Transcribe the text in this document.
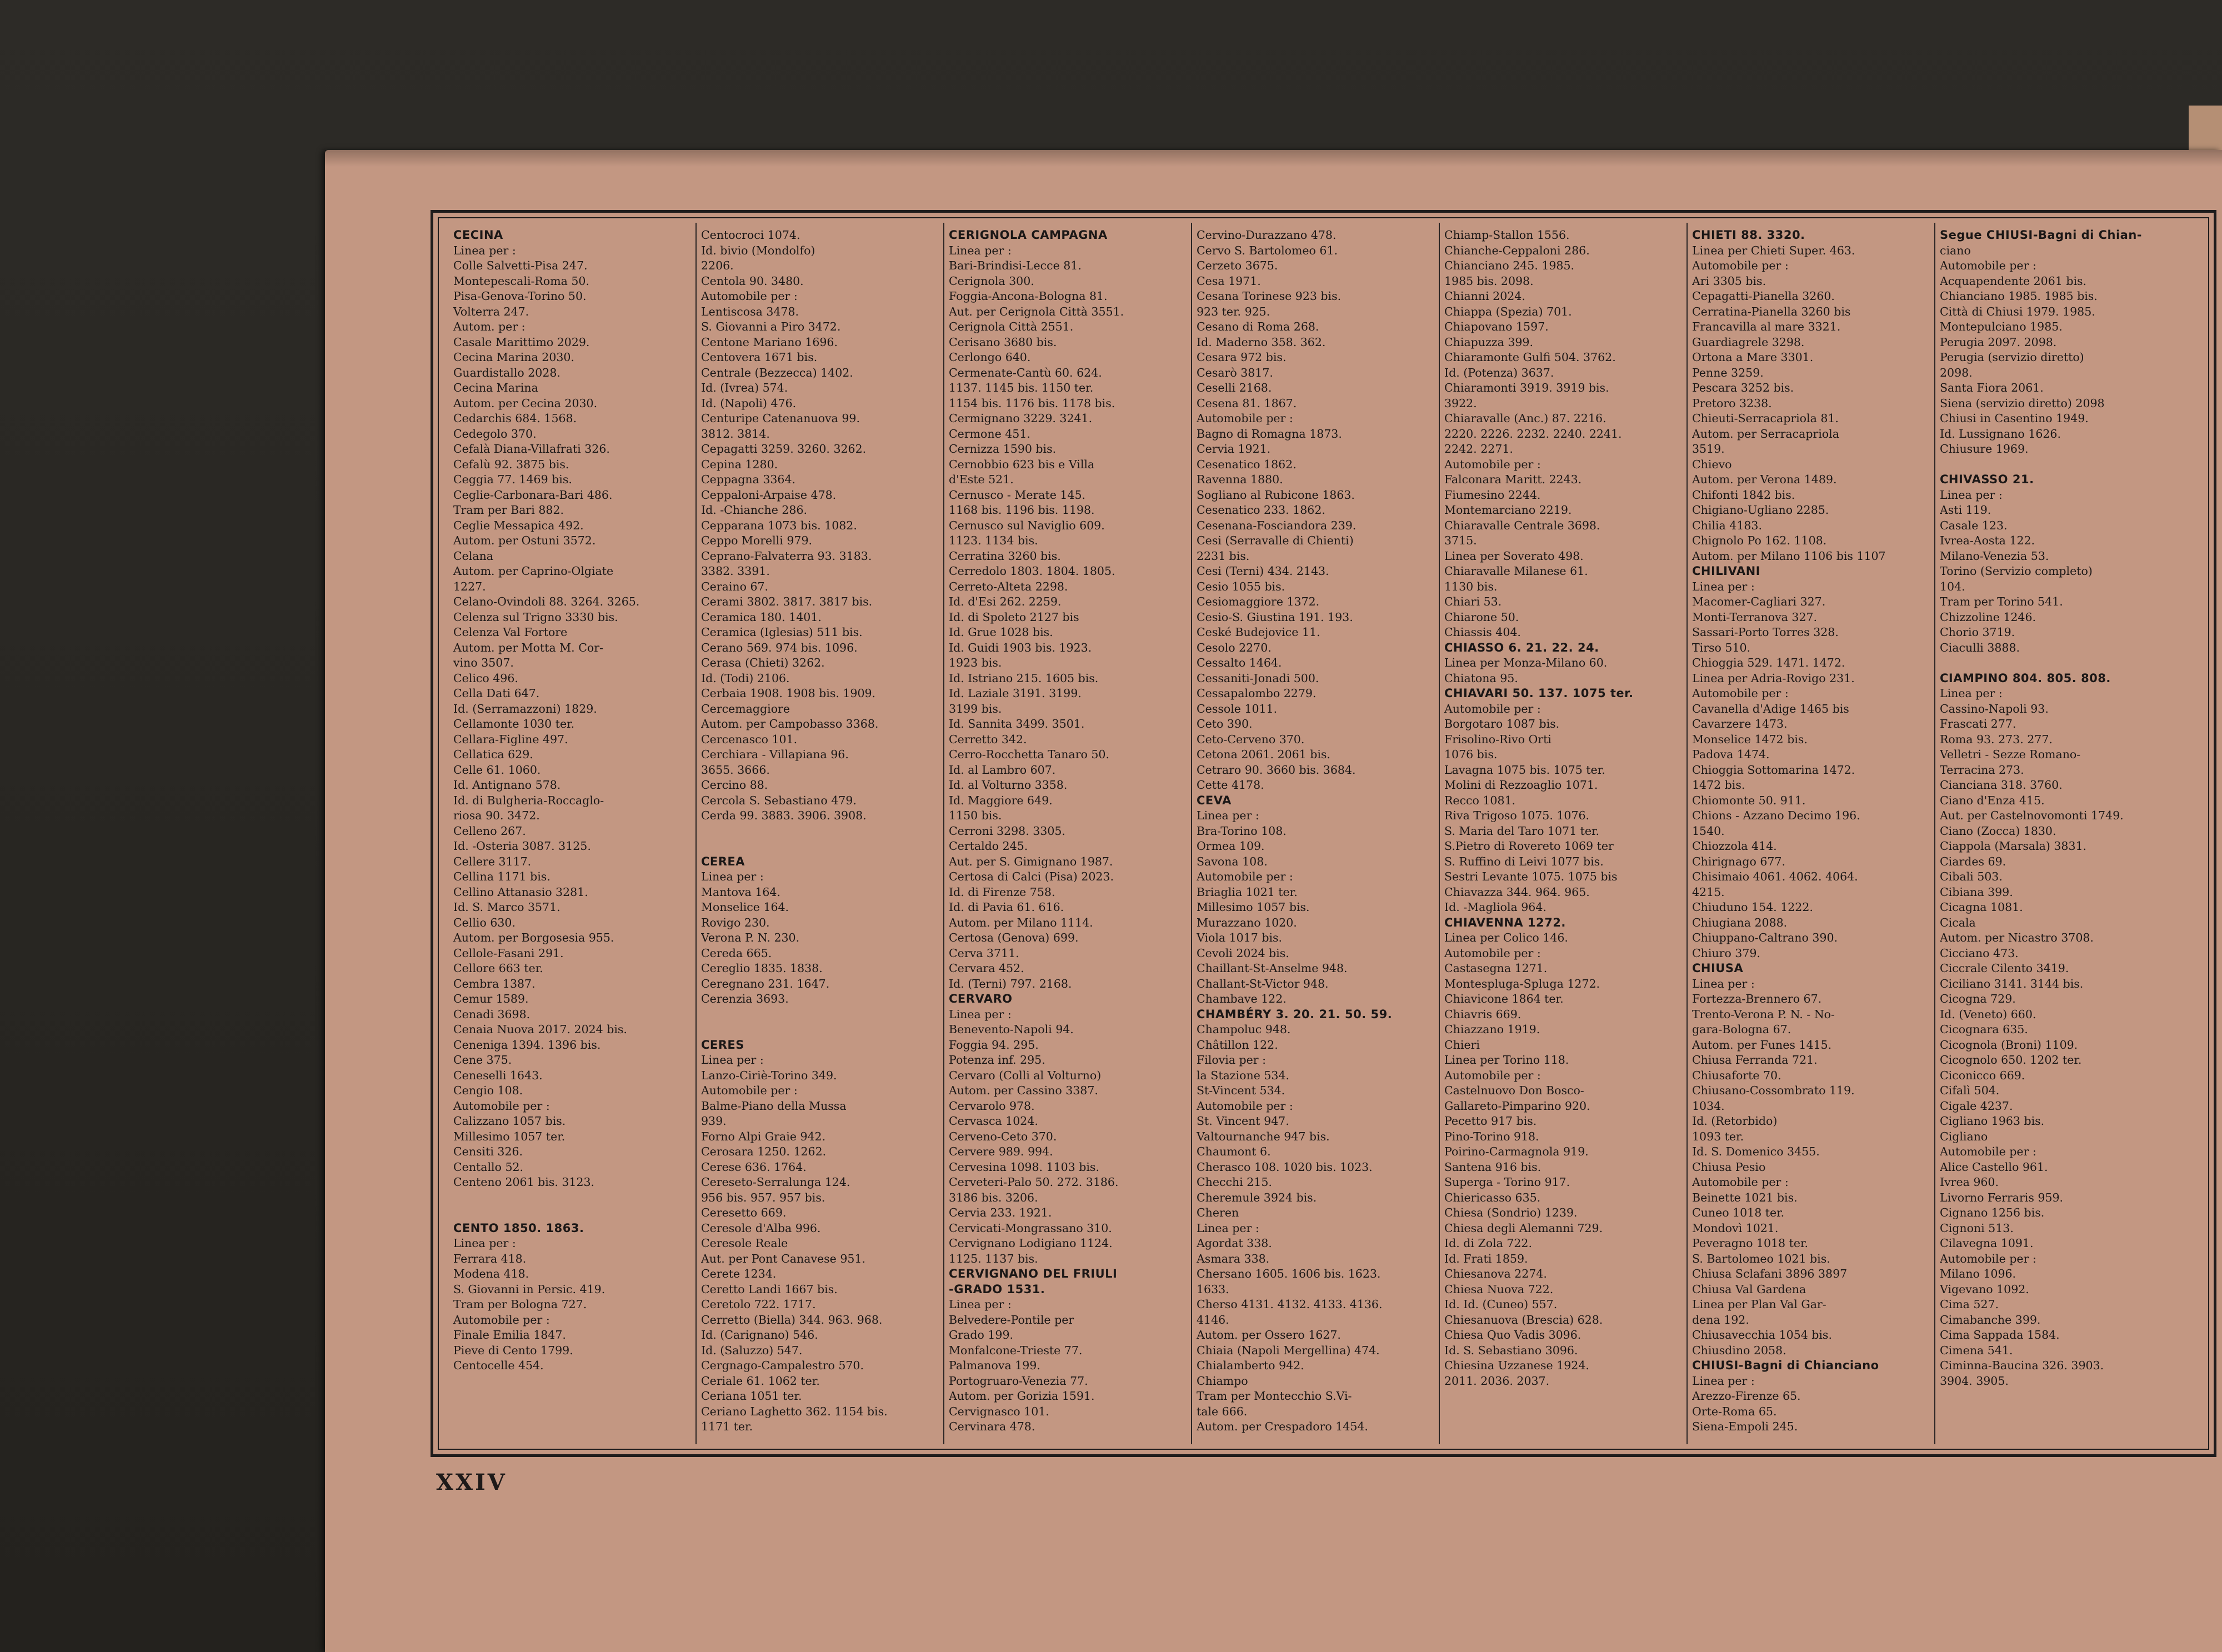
CECINA
Linea per :
Colle Salvetti-Pisa 247.
Montepescali-Roma 50.
Pisa-Genova-Torino 50.
Volterra 247.
Autom. per :
Casale Marittimo 2029.
Cecina Marina 2030.
Guardistallo 2028.
Cecina Marina
Autom. per Cecina 2030.
Cedarchis 684. 1568.
Cedegolo 370.
Cefalà Diana-Villafrati 326.
Cefalù 92. 3875 bis.
Ceggia 77. 1469 bis.
Ceglie-Carbonara-Bari 486.
Tram per Bari 882.
Ceglie Messapica 492.
Autom. per Ostuni 3572.
Celana
Autom. per Caprino-Olgiate
1227.
Celano-Ovindoli 88. 3264. 3265.
Celenza sul Trigno 3330 bis.
Celenza Val Fortore
Autom. per Motta M. Cor-
vino 3507.
Celico 496.
Cella Dati 647.
Id. (Serramazzoni) 1829.
Cellamonte 1030 ter.
Cellara-Figline 497.
Cellatica 629.
Celle 61. 1060.
Id. Antignano 578.
Id. di Bulgheria-Roccaglo-
riosa 90. 3472.
Celleno 267.
Id. -Osteria 3087. 3125.
Cellere 3117.
Cellina 1171 bis.
Cellino Attanasio 3281.
Id. S. Marco 3571.
Cellio 630.
Autom. per Borgosesia 955.
Cellole-Fasani 291.
Cellore 663 ter.
Cembra 1387.
Cemur 1589.
Cenadi 3698.
Cenaia Nuova 2017. 2024 bis.
Ceneniga 1394. 1396 bis.
Cene 375.
Ceneselli 1643.
Cengio 108.
Automobile per :
Calizzano 1057 bis.
Millesimo 1057 ter.
Censiti 326.
Centallo 52.
Centeno 2061 bis. 3123.
CENTO 1850. 1863.
Linea per :
Ferrara 418.
Modena 418.
S. Giovanni in Persic. 419.
Tram per Bologna 727.
Automobile per :
Finale Emilia 1847.
Pieve di Cento 1799.
Centocelle 454.
Centocroci 1074.
Id. bivio (Mondolfo)
2206.
Centola 90. 3480.
Automobile per :
Lentiscosa 3478.
S. Giovanni a Piro 3472.
Centone Mariano 1696.
Centovera 1671 bis.
Centrale (Bezzecca) 1402.
Id. (Ivrea) 574.
Id. (Napoli) 476.
Centuripe Catenanuova 99.
3812. 3814.
Cepagatti 3259. 3260. 3262.
Cepina 1280.
Ceppagna 3364.
Ceppaloni-Arpaise 478.
Id. -Chianche 286.
Cepparana 1073 bis. 1082.
Ceppo Morelli 979.
Ceprano-Falvaterra 93. 3183.
3382. 3391.
Ceraino 67.
Cerami 3802. 3817. 3817 bis.
Ceramica 180. 1401.
Ceramica (Iglesias) 511 bis.
Cerano 569. 974 bis. 1096.
Cerasa (Chieti) 3262.
Id. (Todi) 2106.
Cerbaia 1908. 1908 bis. 1909.
Cercemaggiore
Autom. per Campobasso 3368.
Cercenasco 101.
Cerchiara - Villapiana 96.
3655. 3666.
Cercino 88.
Cercola S. Sebastiano 479.
Cerda 99. 3883. 3906. 3908.
CEREA
Linea per :
Mantova 164.
Monselice 164.
Rovigo 230.
Verona P. N. 230.
Cereda 665.
Cereglio 1835. 1838.
Ceregnano 231. 1647.
Cerenzia 3693.
CERES
Linea per :
Lanzo-Ciriè-Torino 349.
Automobile per :
Balme-Piano della Mussa
939.
Forno Alpi Graie 942.
Cerosara 1250. 1262.
Cerese 636. 1764.
Cereseto-Serralunga 124.
956 bis. 957. 957 bis.
Ceresetto 669.
Ceresole d'Alba 996.
Ceresole Reale
Aut. per Pont Canavese 951.
Cerete 1234.
Ceretto Landi 1667 bis.
Ceretolo 722. 1717.
Cerretto (Biella) 344. 963. 968.
Id. (Carignano) 546.
Id. (Saluzzo) 547.
Cergnago-Campalestro 570.
Ceriale 61. 1062 ter.
Ceriana 1051 ter.
Ceriano Laghetto 362. 1154 bis.
1171 ter.
CERIGNOLA CAMPAGNA
Linea per :
Bari-Brindisi-Lecce 81.
Cerignola 300.
Foggia-Ancona-Bologna 81.
Aut. per Cerignola Città 3551.
Cerignola Città 2551.
Cerisano 3680 bis.
Cerlongo 640.
Cermenate-Cantù 60. 624.
1137. 1145 bis. 1150 ter.
1154 bis. 1176 bis. 1178 bis.
Cermignano 3229. 3241.
Cermone 451.
Cernizza 1590 bis.
Cernobbio 623 bis e Villa
d'Este 521.
Cernusco - Merate 145.
1168 bis. 1196 bis. 1198.
Cernusco sul Naviglio 609.
1123. 1134 bis.
Cerratina 3260 bis.
Cerredolo 1803. 1804. 1805.
Cerreto-Alteta 2298.
Id. d'Esi 262. 2259.
Id. di Spoleto 2127 bis
Id. Grue 1028 bis.
Id. Guidi 1903 bis. 1923.
1923 bis.
Id. Istriano 215. 1605 bis.
Id. Laziale 3191. 3199.
3199 bis.
Id. Sannita 3499. 3501.
Cerretto 342.
Cerro-Rocchetta Tanaro 50.
Id. al Lambro 607.
Id. al Volturno 3358.
Id. Maggiore 649.
1150 bis.
Cerroni 3298. 3305.
Certaldo 245.
Aut. per S. Gimignano 1987.
Certosa di Calci (Pisa) 2023.
Id. di Firenze 758.
Id. di Pavia 61. 616.
Autom. per Milano 1114.
Certosa (Genova) 699.
Cerva 3711.
Cervara 452.
Id. (Terni) 797. 2168.
CERVARO
Linea per :
Benevento-Napoli 94.
Foggia 94. 295.
Potenza inf. 295.
Cervaro (Colli al Volturno)
Autom. per Cassino 3387.
Cervarolo 978.
Cervasca 1024.
Cerveno-Ceto 370.
Cervere 989. 994.
Cervesina 1098. 1103 bis.
Cerveteri-Palo 50. 272. 3186.
3186 bis. 3206.
Cervia 233. 1921.
Cervicati-Mongrassano 310.
Cervignano Lodigiano 1124.
1125. 1137 bis.
CERVIGNANO DEL FRIULI
-GRADO 1531.
Linea per :
Belvedere-Pontile per
Grado 199.
Monfalcone-Trieste 77.
Palmanova 199.
Portogruaro-Venezia 77.
Autom. per Gorizia 1591.
Cervignasco 101.
Cervinara 478.
Cervino-Durazzano 478.
Cervo S. Bartolomeo 61.
Cerzeto 3675.
Cesa 1971.
Cesana Torinese 923 bis.
923 ter. 925.
Cesano di Roma 268.
Id. Maderno 358. 362.
Cesara 972 bis.
Cesarò 3817.
Ceselli 2168.
Cesena 81. 1867.
Automobile per :
Bagno di Romagna 1873.
Cervia 1921.
Cesenatico 1862.
Ravenna 1880.
Sogliano al Rubicone 1863.
Cesenatico 233. 1862.
Cesenana-Fosciandora 239.
Cesi (Serravalle di Chienti)
2231 bis.
Cesi (Terni) 434. 2143.
Cesio 1055 bis.
Cesiomaggiore 1372.
Cesio-S. Giustina 191. 193.
Ceské Budejovice 11.
Cesolo 2270.
Cessalto 1464.
Cessaniti-Jonadi 500.
Cessapalombo 2279.
Cessole 1011.
Ceto 390.
Ceto-Cerveno 370.
Cetona 2061. 2061 bis.
Cetraro 90. 3660 bis. 3684.
Cette 4178.
CEVA
Linea per :
Bra-Torino 108.
Ormea 109.
Savona 108.
Automobile per :
Briaglia 1021 ter.
Millesimo 1057 bis.
Murazzano 1020.
Viola 1017 bis.
Cevoli 2024 bis.
Chaillant-St-Anselme 948.
Challant-St-Victor 948.
Chambave 122.
CHAMBÉRY 3. 20. 21. 50. 59.
Champoluc 948.
Châtillon 122.
Filovia per :
la Stazione 534.
St-Vincent 534.
Automobile per :
St. Vincent 947.
Valtournanche 947 bis.
Chaumont 6.
Cherasco 108. 1020 bis. 1023.
Checchi 215.
Cheremule 3924 bis.
Cheren
Linea per :
Agordat 338.
Asmara 338.
Chersano 1605. 1606 bis. 1623.
1633.
Cherso 4131. 4132. 4133. 4136.
4146.
Autom. per Ossero 1627.
Chiaia (Napoli Mergellina) 474.
Chialamberto 942.
Chiampo
Tram per Montecchio S.Vi-
tale 666.
Autom. per Crespadoro 1454.
Chiamp-Stallon 1556.
Chianche-Ceppaloni 286.
Chianciano 245. 1985.
1985 bis. 2098.
Chianni 2024.
Chiappa (Spezia) 701.
Chiapovano 1597.
Chiapuzza 399.
Chiaramonte Gulfi 504. 3762.
Id. (Potenza) 3637.
Chiaramonti 3919. 3919 bis.
3922.
Chiaravalle (Anc.) 87. 2216.
2220. 2226. 2232. 2240. 2241.
2242. 2271.
Automobile per :
Falconara Maritt. 2243.
Fiumesino 2244.
Montemarciano 2219.
Chiaravalle Centrale 3698.
3715.
Linea per Soverato 498.
Chiaravalle Milanese 61.
1130 bis.
Chiari 53.
Chiarone 50.
Chiassis 404.
CHIASSO 6. 21. 22. 24.
Linea per Monza-Milano 60.
Chiatona 95.
CHIAVARI 50. 137. 1075 ter.
Automobile per :
Borgotaro 1087 bis.
Frisolino-Rivo Orti
1076 bis.
Lavagna 1075 bis. 1075 ter.
Molini di Rezzoaglio 1071.
Recco 1081.
Riva Trigoso 1075. 1076.
S. Maria del Taro 1071 ter.
S.Pietro di Rovereto 1069 ter
S. Ruffino di Leivi 1077 bis.
Sestri Levante 1075. 1075 bis
Chiavazza 344. 964. 965.
Id. -Magliola 964.
CHIAVENNA 1272.
Linea per Colico 146.
Automobile per :
Castasegna 1271.
Montespluga-Spluga 1272.
Chiavicone 1864 ter.
Chiavris 669.
Chiazzano 1919.
Chieri
Linea per Torino 118.
Automobile per :
Castelnuovo Don Bosco-
Gallareto-Pimparino 920.
Pecetto 917 bis.
Pino-Torino 918.
Poirino-Carmagnola 919.
Santena 916 bis.
Superga - Torino 917.
Chiericasso 635.
Chiesa (Sondrio) 1239.
Chiesa degli Alemanni 729.
Id. di Zola 722.
Id. Frati 1859.
Chiesanova 2274.
Chiesa Nuova 722.
Id. Id. (Cuneo) 557.
Chiesanuova (Brescia) 628.
Chiesa Quo Vadis 3096.
Id. S. Sebastiano 3096.
Chiesina Uzzanese 1924.
2011. 2036. 2037.
CHIETI 88. 3320.
Linea per Chieti Super. 463.
Automobile per :
Ari 3305 bis.
Cepagatti-Pianella 3260.
Cerratina-Pianella 3260 bis
Francavilla al mare 3321.
Guardiagrele 3298.
Ortona a Mare 3301.
Penne 3259.
Pescara 3252 bis.
Pretoro 3238.
Chieuti-Serracapriola 81.
Autom. per Serracapriola
3519.
Chievo
Autom. per Verona 1489.
Chifonti 1842 bis.
Chigiano-Ugliano 2285.
Chilia 4183.
Chignolo Po 162. 1108.
Autom. per Milano 1106 bis 1107
CHILIVANI
Linea per :
Macomer-Cagliari 327.
Monti-Terranova 327.
Sassari-Porto Torres 328.
Tirso 510.
Chioggia 529. 1471. 1472.
Linea per Adria-Rovigo 231.
Automobile per :
Cavanella d'Adige 1465 bis
Cavarzere 1473.
Monselice 1472 bis.
Padova 1474.
Chioggia Sottomarina 1472.
1472 bis.
Chiomonte 50. 911.
Chions - Azzano Decimo 196.
1540.
Chiozzola 414.
Chirignago 677.
Chisimaio 4061. 4062. 4064.
4215.
Chiuduno 154. 1222.
Chiugiana 2088.
Chiuppano-Caltrano 390.
Chiuro 379.
CHIUSA
Linea per :
Fortezza-Brennero 67.
Trento-Verona P. N. - No-
gara-Bologna 67.
Autom. per Funes 1415.
Chiusa Ferranda 721.
Chiusaforte 70.
Chiusano-Cossombrato 119.
1034.
Id. (Retorbido)
1093 ter.
Id. S. Domenico 3455.
Chiusa Pesio
Automobile per :
Beinette 1021 bis.
Cuneo 1018 ter.
Mondovì 1021.
Peveragno 1018 ter.
S. Bartolomeo 1021 bis.
Chiusa Sclafani 3896 3897
Chiusa Val Gardena
Linea per Plan Val Gar-
dena 192.
Chiusavecchia 1054 bis.
Chiusdino 2058.
CHIUSI-Bagni di Chianciano
Linea per :
Arezzo-Firenze 65.
Orte-Roma 65.
Siena-Empoli 245.
Segue CHIUSI-Bagni di Chian-
ciano
Automobile per :
Acquapendente 2061 bis.
Chianciano 1985. 1985 bis.
Città di Chiusi 1979. 1985.
Montepulciano 1985.
Perugia 2097. 2098.
Perugia (servizio diretto)
2098.
Santa Fiora 2061.
Siena (servizio diretto) 2098
Chiusi in Casentino 1949.
Id. Lussignano 1626.
Chiusure 1969.
CHIVASSO 21.
Linea per :
Asti 119.
Casale 123.
Ivrea-Aosta 122.
Milano-Venezia 53.
Torino (Servizio completo)
104.
Tram per Torino 541.
Chizzoline 1246.
Chorio 3719.
Ciaculli 3888.
CIAMPINO 804. 805. 808.
Linea per :
Cassino-Napoli 93.
Frascati 277.
Roma 93. 273. 277.
Velletri - Sezze Romano-
Terracina 273.
Cianciana 318. 3760.
Ciano d'Enza 415.
Aut. per Castelnovomonti 1749.
Ciano (Zocca) 1830.
Ciappola (Marsala) 3831.
Ciardes 69.
Cibali 503.
Cibiana 399.
Cicagna 1081.
Cicala
Autom. per Nicastro 3708.
Cicciano 473.
Ciccrale Cilento 3419.
Ciciliano 3141. 3144 bis.
Cicogna 729.
Id. (Veneto) 660.
Cicognara 635.
Cicognola (Broni) 1109.
Cicognolo 650. 1202 ter.
Ciconicco 669.
Cifalì 504.
Cigale 4237.
Cigliano 1963 bis.
Cigliano
Automobile per :
Alice Castello 961.
Ivrea 960.
Livorno Ferraris 959.
Cignano 1256 bis.
Cignoni 513.
Cilavegna 1091.
Automobile per :
Milano 1096.
Vigevano 1092.
Cima 527.
Cimabanche 399.
Cima Sappada 1584.
Cimena 541.
Ciminna-Baucina 326. 3903.
3904. 3905.
XXIV
